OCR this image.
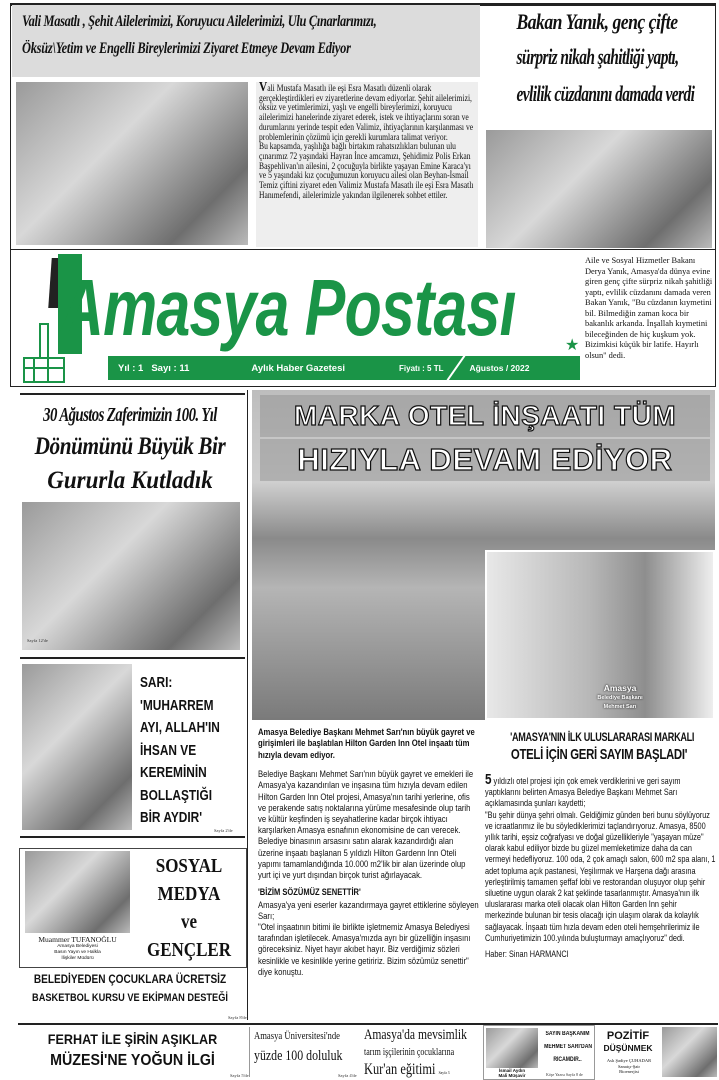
Vali Masatlı , Şehit Ailelerimizi, Koruyucu Ailelerimizi, Ulu Çınarlarımızı,
Öksüz\Yetim ve Engelli Bireylerimizi Ziyaret Etmeye Devam Ediyor
Vali Mustafa Masatlı ile eşi Esra Masatlı düzenli olarak gerçekleştirdikleri ev ziyaretlerine devam ediyorlar. Şehit ailelerimizi, öksüz ve yetimlerimizi, yaşlı ve engelli bireylerimizi, koruyucu ailelerimizi hanelerinde ziyaret ederek, istek ve ihtiyaçlarını soran ve durumlarını yerinde tespit eden Valimiz, ihtiyaçlarının karşılanması ve problemlerinin çözümü için gerekli kurumlara talimat veriyor.
Bu kapsamda, yaşlılığa bağlı birtakım rahatsızlıkları bulunan ulu çınarımız 72 yaşındaki Hayran İnce amcamızı, Şehidimiz Polis Erkan Başpehlivan'ın ailesini, 2 çocuğuyla birlikte yaşayan Emine Karaca'yı ve 5 yaşındaki kız çocuğumuzun koruyucu ailesi olan Beyhan-İsmail Temiz çiftini ziyaret eden Valimiz Mustafa Masatlı ile eşi Esra Masatlı Hanımefendi, ailelerimizle yakından ilgilenerek sohbet ettiler.
Bakan Yanık, genç çifte
sürpriz nikah şahitliği yaptı,
evlilik cüzdanını damada verdi
Amasya Postası	★
Yıl : 1 Sayı : 11	Aylık Haber Gazetesi	Fiyatı : 5 TL	Ağustos / 2022
Aile ve Sosyal Hizmetler Bakanı Derya Yanık, Amasya'da dünya evine giren genç çifte sürpriz nikah şahitliği yaptı, evlilik cüzdanını damada veren Bakan Yanık, "Bu cüzdanın kıymetini bil. Bilmediğin zaman koca bir bakanlık arkanda. İnşallah kıymetini bileceğinden de hiç kuşkum yok. Bizimkisi küçük bir latife. Hayırlı olsun" dedi.
30 Ağustos Zaferimizin 100. Yıl
Dönümünü Büyük Bir
Gururla Kutladık
Sayfa 12'de
SARI:
'MUHARREM
AYI, ALLAH'IN
İHSAN VE
KEREMİNİN
BOLLAŞTIĞI
BİR AYDIR'
Sayfa 2'de
Muammer TUFANOĞLU
Amasya Belediyesi
Basın Yayın ve Halkla
İlişkiler Müdürü
SOSYAL
MEDYA
ve
GENÇLER
BELEDİYEDEN ÇOCUKLARA ÜCRETSİZ
BASKETBOL KURSU VE EKİPMAN DESTEĞİ
Sayfa 8'de
MARKA OTEL İNŞAATI TÜM
HIZIYLA DEVAM EDİYOR
Amasya
Belediye Başkanı
Mehmet Sarı
Amasya Belediye Başkanı Mehmet Sarı'nın büyük gayret ve girişimleri ile başlatılan Hilton Garden Inn Otel inşaatı tüm hızıyla devam ediyor.
Belediye Başkanı Mehmet Sarı'nın büyük gayret ve emekleri ile Amasya'ya kazandırılan ve inşasına tüm hızıyla devam edilen Hilton Garden Inn Otel projesi, Amasya'nın tarihi yerlerine, ofis ve perakende satış noktalarına yürüme mesafesinde olup tarih ve kültür keşfinden iş seyahatlerine kadar birçok ihtiyacı karşılarken Amasya esnafının ekonomisine de can verecek. Belediye binasının arsasını satın alarak kazandırdığı alan üzerine inşaatı başlanan 5 yıldızlı Hilton Gardenn Inn Oteli yapımı tamamlandığında 10.000 m2'lik bir alan üzerinde olup yurt içi ve yurt dışından birçok turist ağırlayacak.
'BİZİM SÖZÜMÜZ SENETTİR'
Amasya'ya yeni eserler kazandırmaya gayret ettiklerine söyleyen Sarı;
"Otel inşaatının bitimi ile birlikte işletmemiz Amasya Belediyesi tarafından işletilecek. Amasya'mızda ayrı bir güzelliğin inşasını göreceksiniz. Niyet hayır akıbet hayır. Biz verdiğimiz sözleri kesinlikle ve kesinlikle yerine getiririz. Bizim sözümüz senettir" diye konuştu.
'AMASYA'NIN İLK ULUSLARARASI MARKALI
OTELİ İÇİN GERİ SAYIM BAŞLADI'
5 yıldızlı otel projesi için çok emek verdiklerini ve geri sayım yaptıklarını belirten Amasya Belediye Başkanı Mehmet Sarı açıklamasında şunları kaydetti;
"Bu şehir dünya şehri olmalı. Geldiğimiz günden beri bunu söylüyoruz ve icraatlarımız ile bu söylediklerimizi taçlandırıyoruz. Amasya, 8500 yıllık tarihi, eşsiz coğrafyası ve doğal güzellikleriyle "yaşayan müze" olarak kabul ediliyor bizde bu güzel memleketimize daha da can vermeyi hedefliyoruz. 100 oda, 2 çok amaçlı salon, 600 m2 spa alanı, 1 adet topluma açık pastanesi, Yeşilırmak ve Harşena dağı arasına yerleştirilmiş tamamen şeffaf lobi ve restorandan oluşuyor olup şehir siluetine uygun olarak 2 kat şeklinde tasarlanmıştır. Amasya'nın ilk uluslararası marka oteli olacak olan Hilton Garden Inn şehir merkezinde bulunan bir tesis olacağı için ulaşım olarak da kolaylık sağlayacak. İnşaatı tüm hızla devam eden oteli hemşehrilerimiz ile Cumhuriyetimizin 100.yılında buluşturmayı amaçlıyoruz" dedi.
Haber: Sinan HARMANCI
FERHAT İLE ŞİRİN AŞIKLAR
MÜZESİ'NE YOĞUN İLGİ
Sayfa 5'de
Amasya Üniversitesi'nde
yüzde 100 doluluk
Sayfa 4'de
Amasya'da mevsimlik
tarım işçilerinin çocuklarına
Kur'an eğitimi Sayfa 3	İsmail Aydın
Mali Müşavir
SAYIN BAŞKANIM
MEHMET SARI'DAN
RİCAMDIR..
Köşe Yazısı Sayfa 8 de
POZİTİF
DÜŞÜNMEK
Aslı Şadiye ÇUHADAR
Sanatçı-Şair
Bioenerjist
